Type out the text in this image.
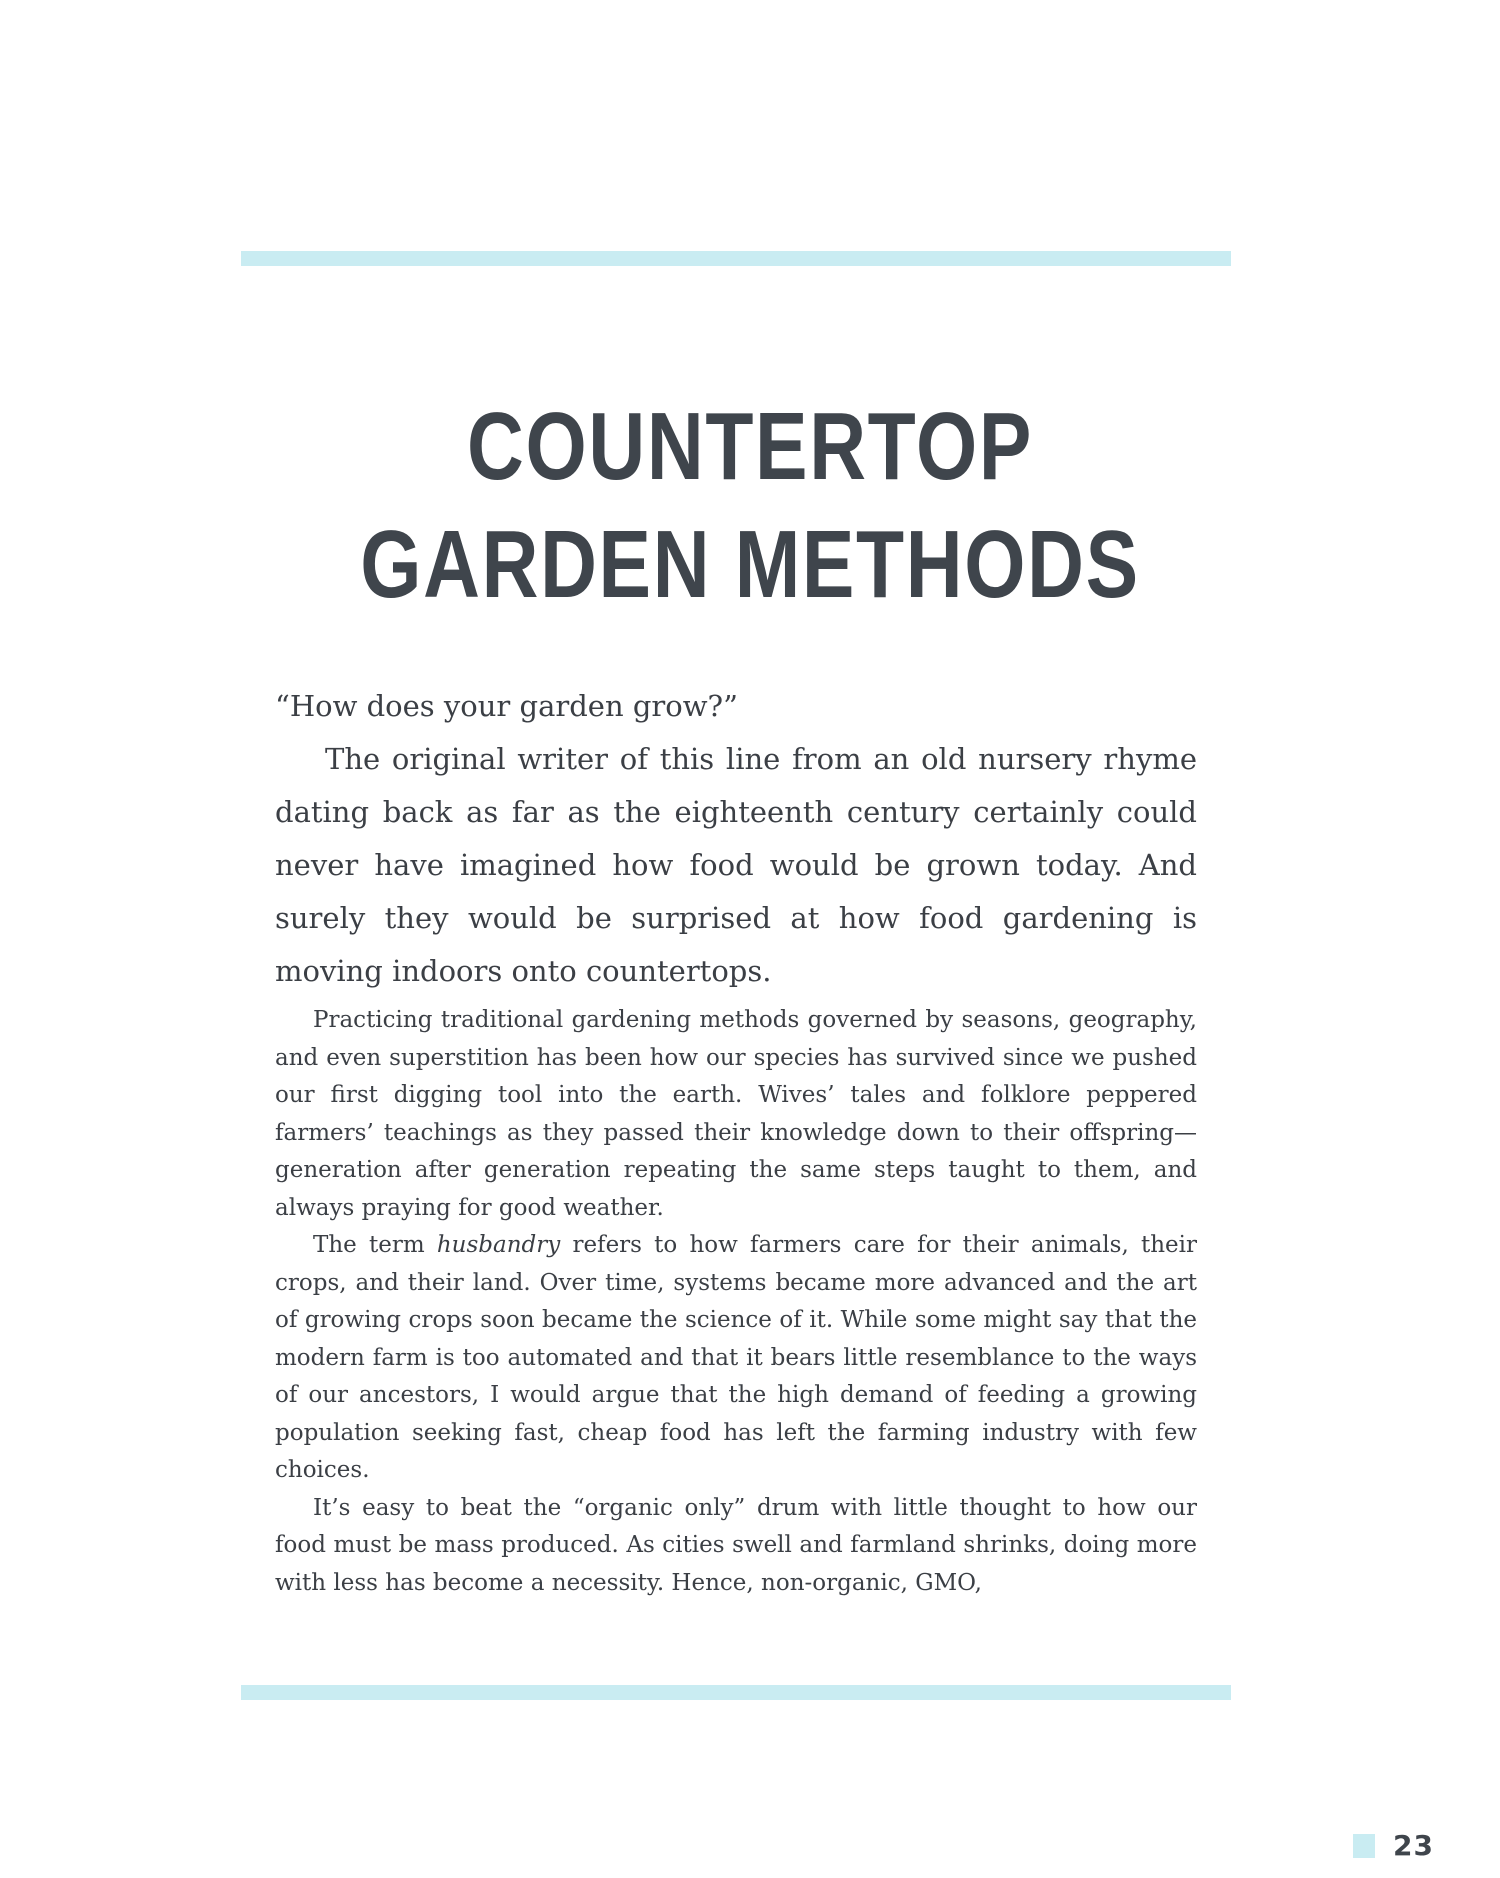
COUNTERTOP
GARDEN METHODS

“How does your garden grow?”

The original writer of this line from an old nursery rhyme dating back as far as the eighteenth century certainly could never have imagined how food would be grown today. And surely they would be surprised at how food gardening is moving indoors onto countertops.

Practicing traditional gardening methods governed by seasons, geography, and even superstition has been how our species has survived since we pushed our first digging tool into the earth. Wives’ tales and folklore peppered farmers’ teachings as they passed their knowledge down to their offspring—generation after generation repeating the same steps taught to them, and always praying for good weather.

The term husbandry refers to how farmers care for their animals, their crops, and their land. Over time, systems became more advanced and the art of growing crops soon became the science of it. While some might say that the modern farm is too automated and that it bears little resemblance to the ways of our ancestors, I would argue that the high demand of feeding a growing population seeking fast, cheap food has left the farming industry with few choices.

It’s easy to beat the “organic only” drum with little thought to how our food must be mass produced. As cities swell and farmland shrinks, doing more with less has become a necessity. Hence, non-organic, GMO,

23
